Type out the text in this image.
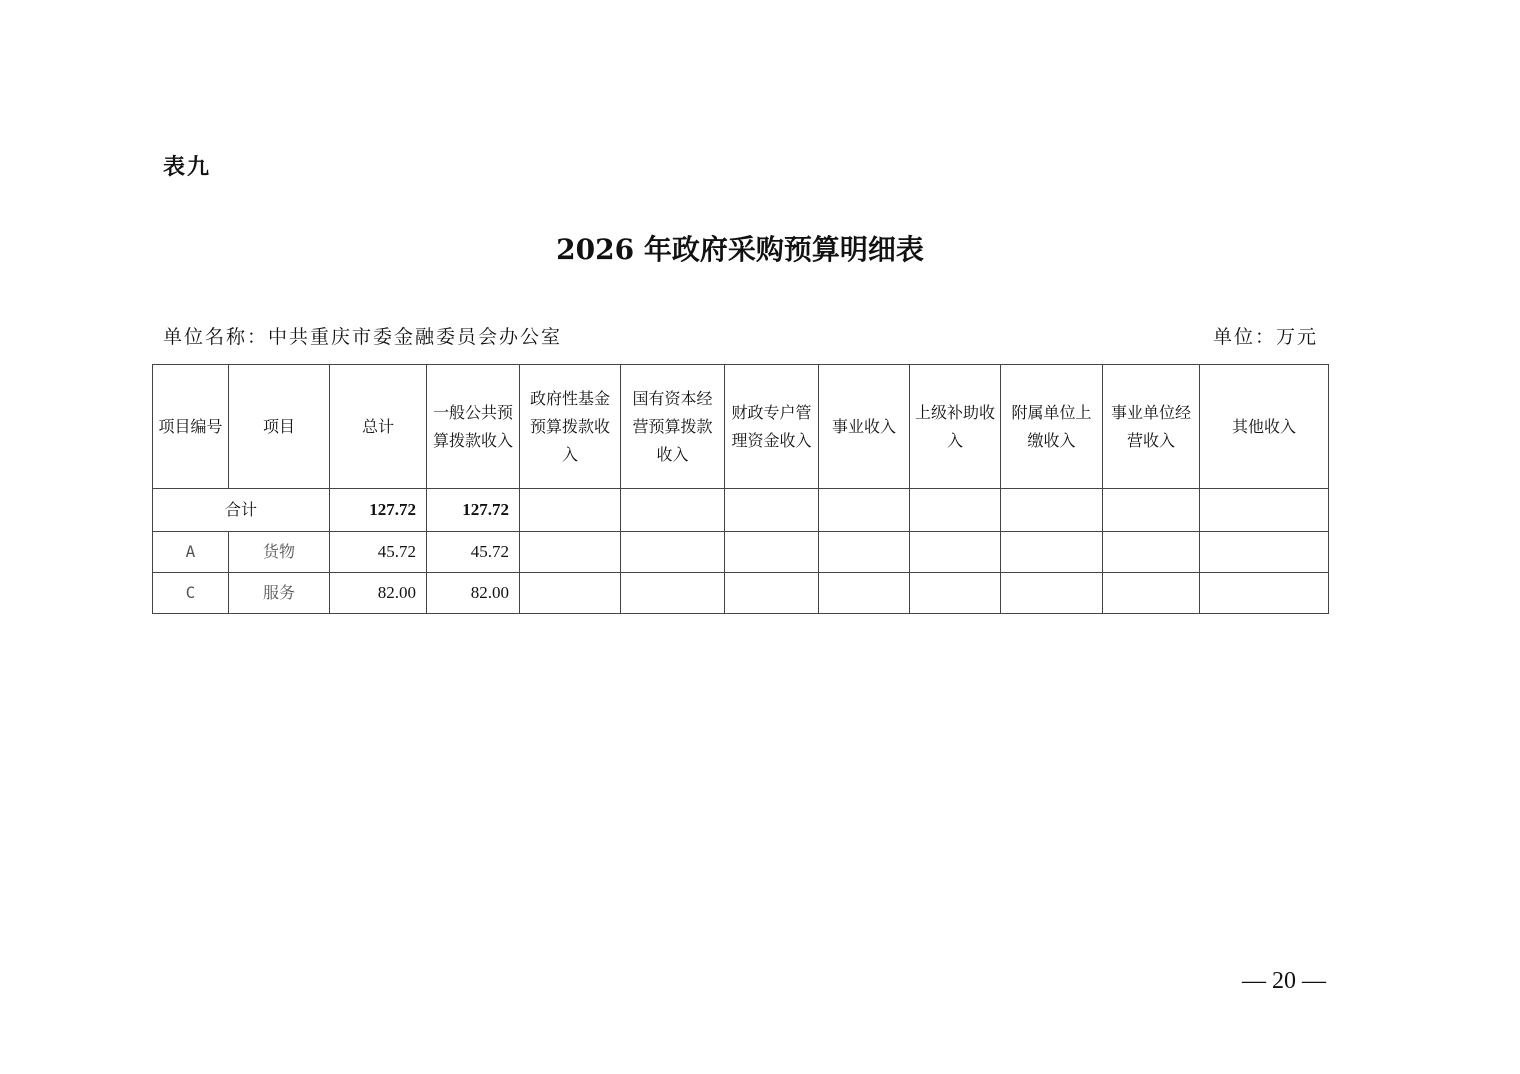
表九
2026 年政府采购预算明细表
单位名称：中共重庆市委金融委员会办公室	单位：万元
项目编号	项目	总计	一般公共预算拨款收入	政府性基金预算拨款收入	国有资本经营预算拨款收入	财政专户管理资金收入	事业收入	上级补助收入	附属单位上缴收入	事业单位经营收入	其他收入
合计		127.72	127.72								
A	货物	45.72	45.72								
C	服务	82.00	82.00								
— 20 —
